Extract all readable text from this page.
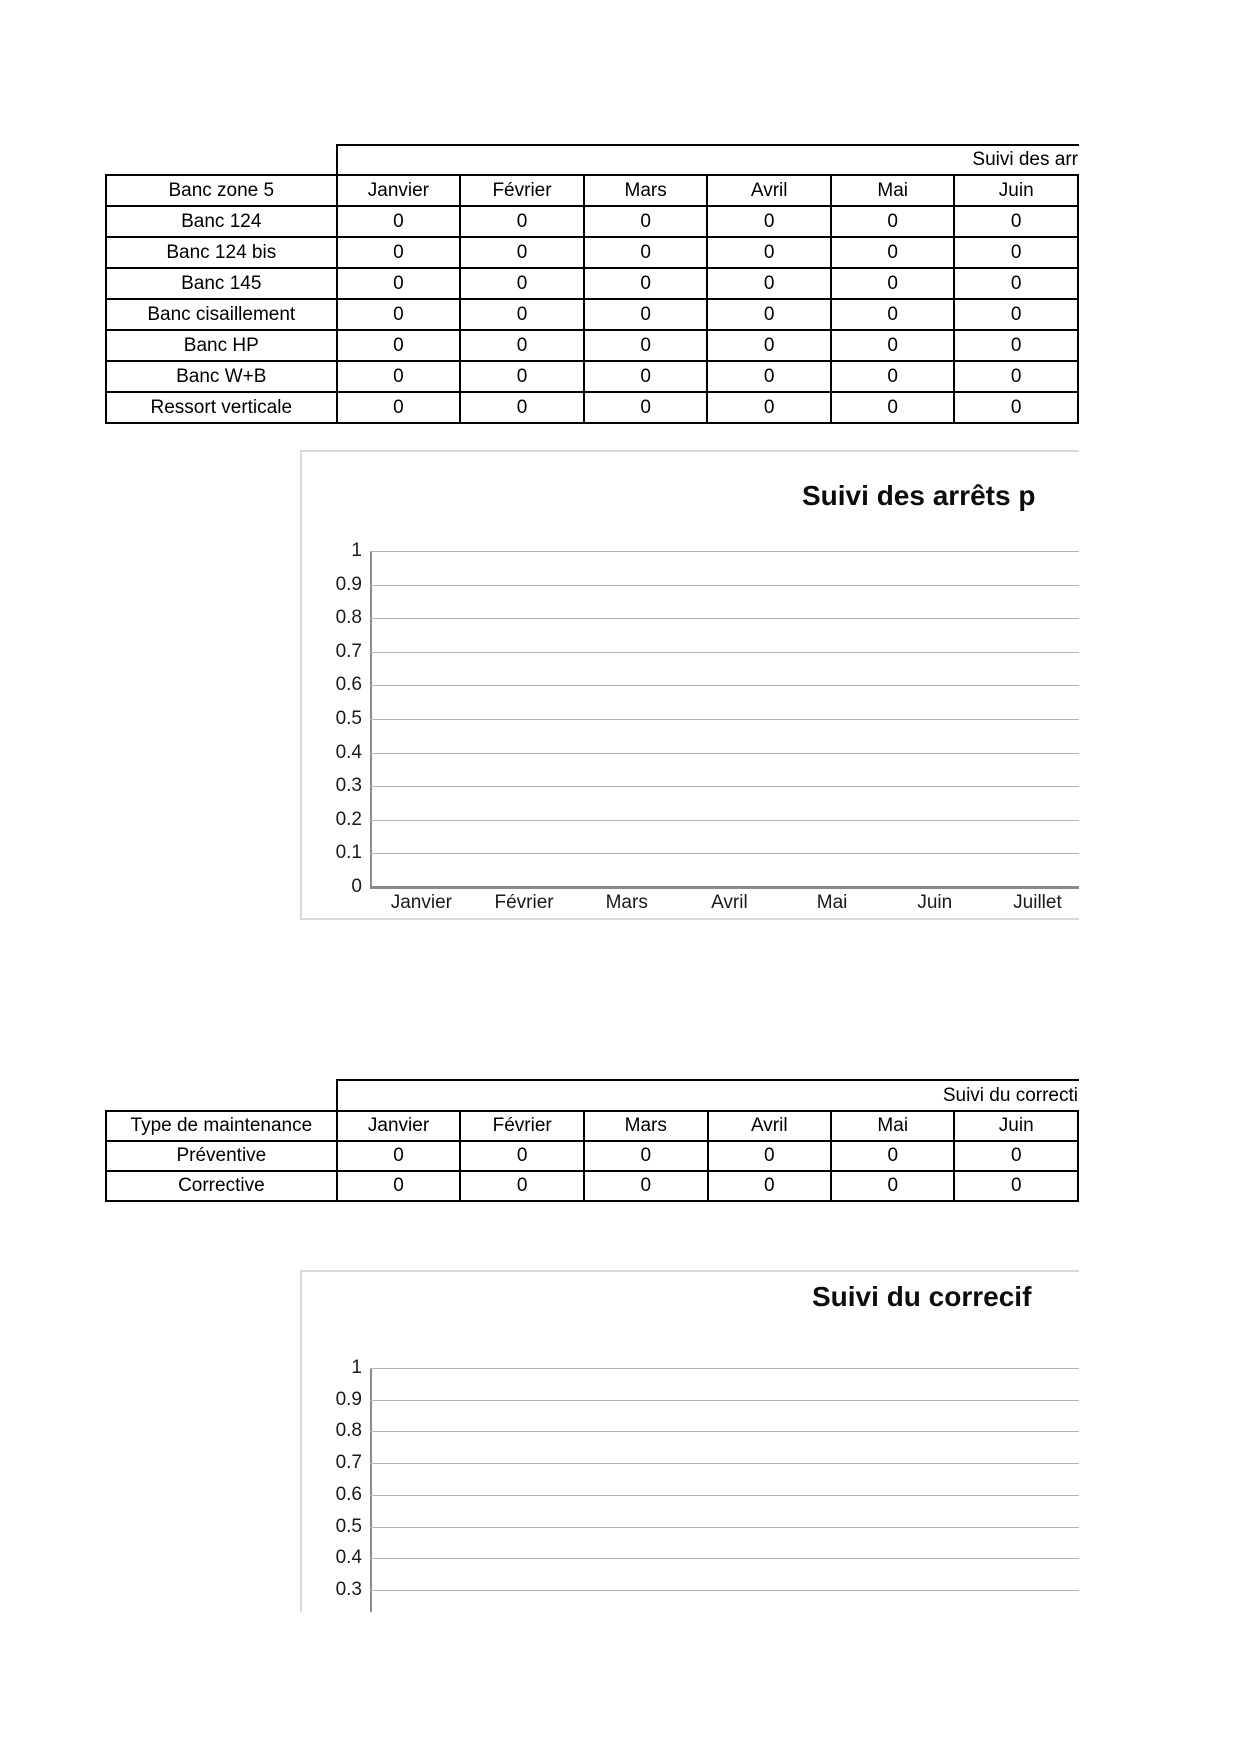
Suivi des arr
Banc zone 5	Janvier	Février	Mars	Avril	Mai	Juin
Banc 124	0	0	0	0	0	0
Banc 124 bis	0	0	0	0	0	0
Banc 145	0	0	0	0	0	0
Banc cisaillement	0	0	0	0	0	0
Banc HP	0	0	0	0	0	0
Banc W+B	0	0	0	0	0	0
Ressort verticale	0	0	0	0	0	0
Suivi des arrêts p
1
0.9
0.8
0.7
0.6
0.5
0.4
0.3
0.2
0.1
0
Janvier	Février	Mars	Avril	Mai	Juin	Juillet
Suivi du correcti
Type de maintenance	Janvier	Février	Mars	Avril	Mai	Juin
Préventive	0	0	0	0	0	0
Corrective	0	0	0	0	0	0
Suivi du correcif
1
0.9
0.8
0.7
0.6
0.5
0.4
0.3
